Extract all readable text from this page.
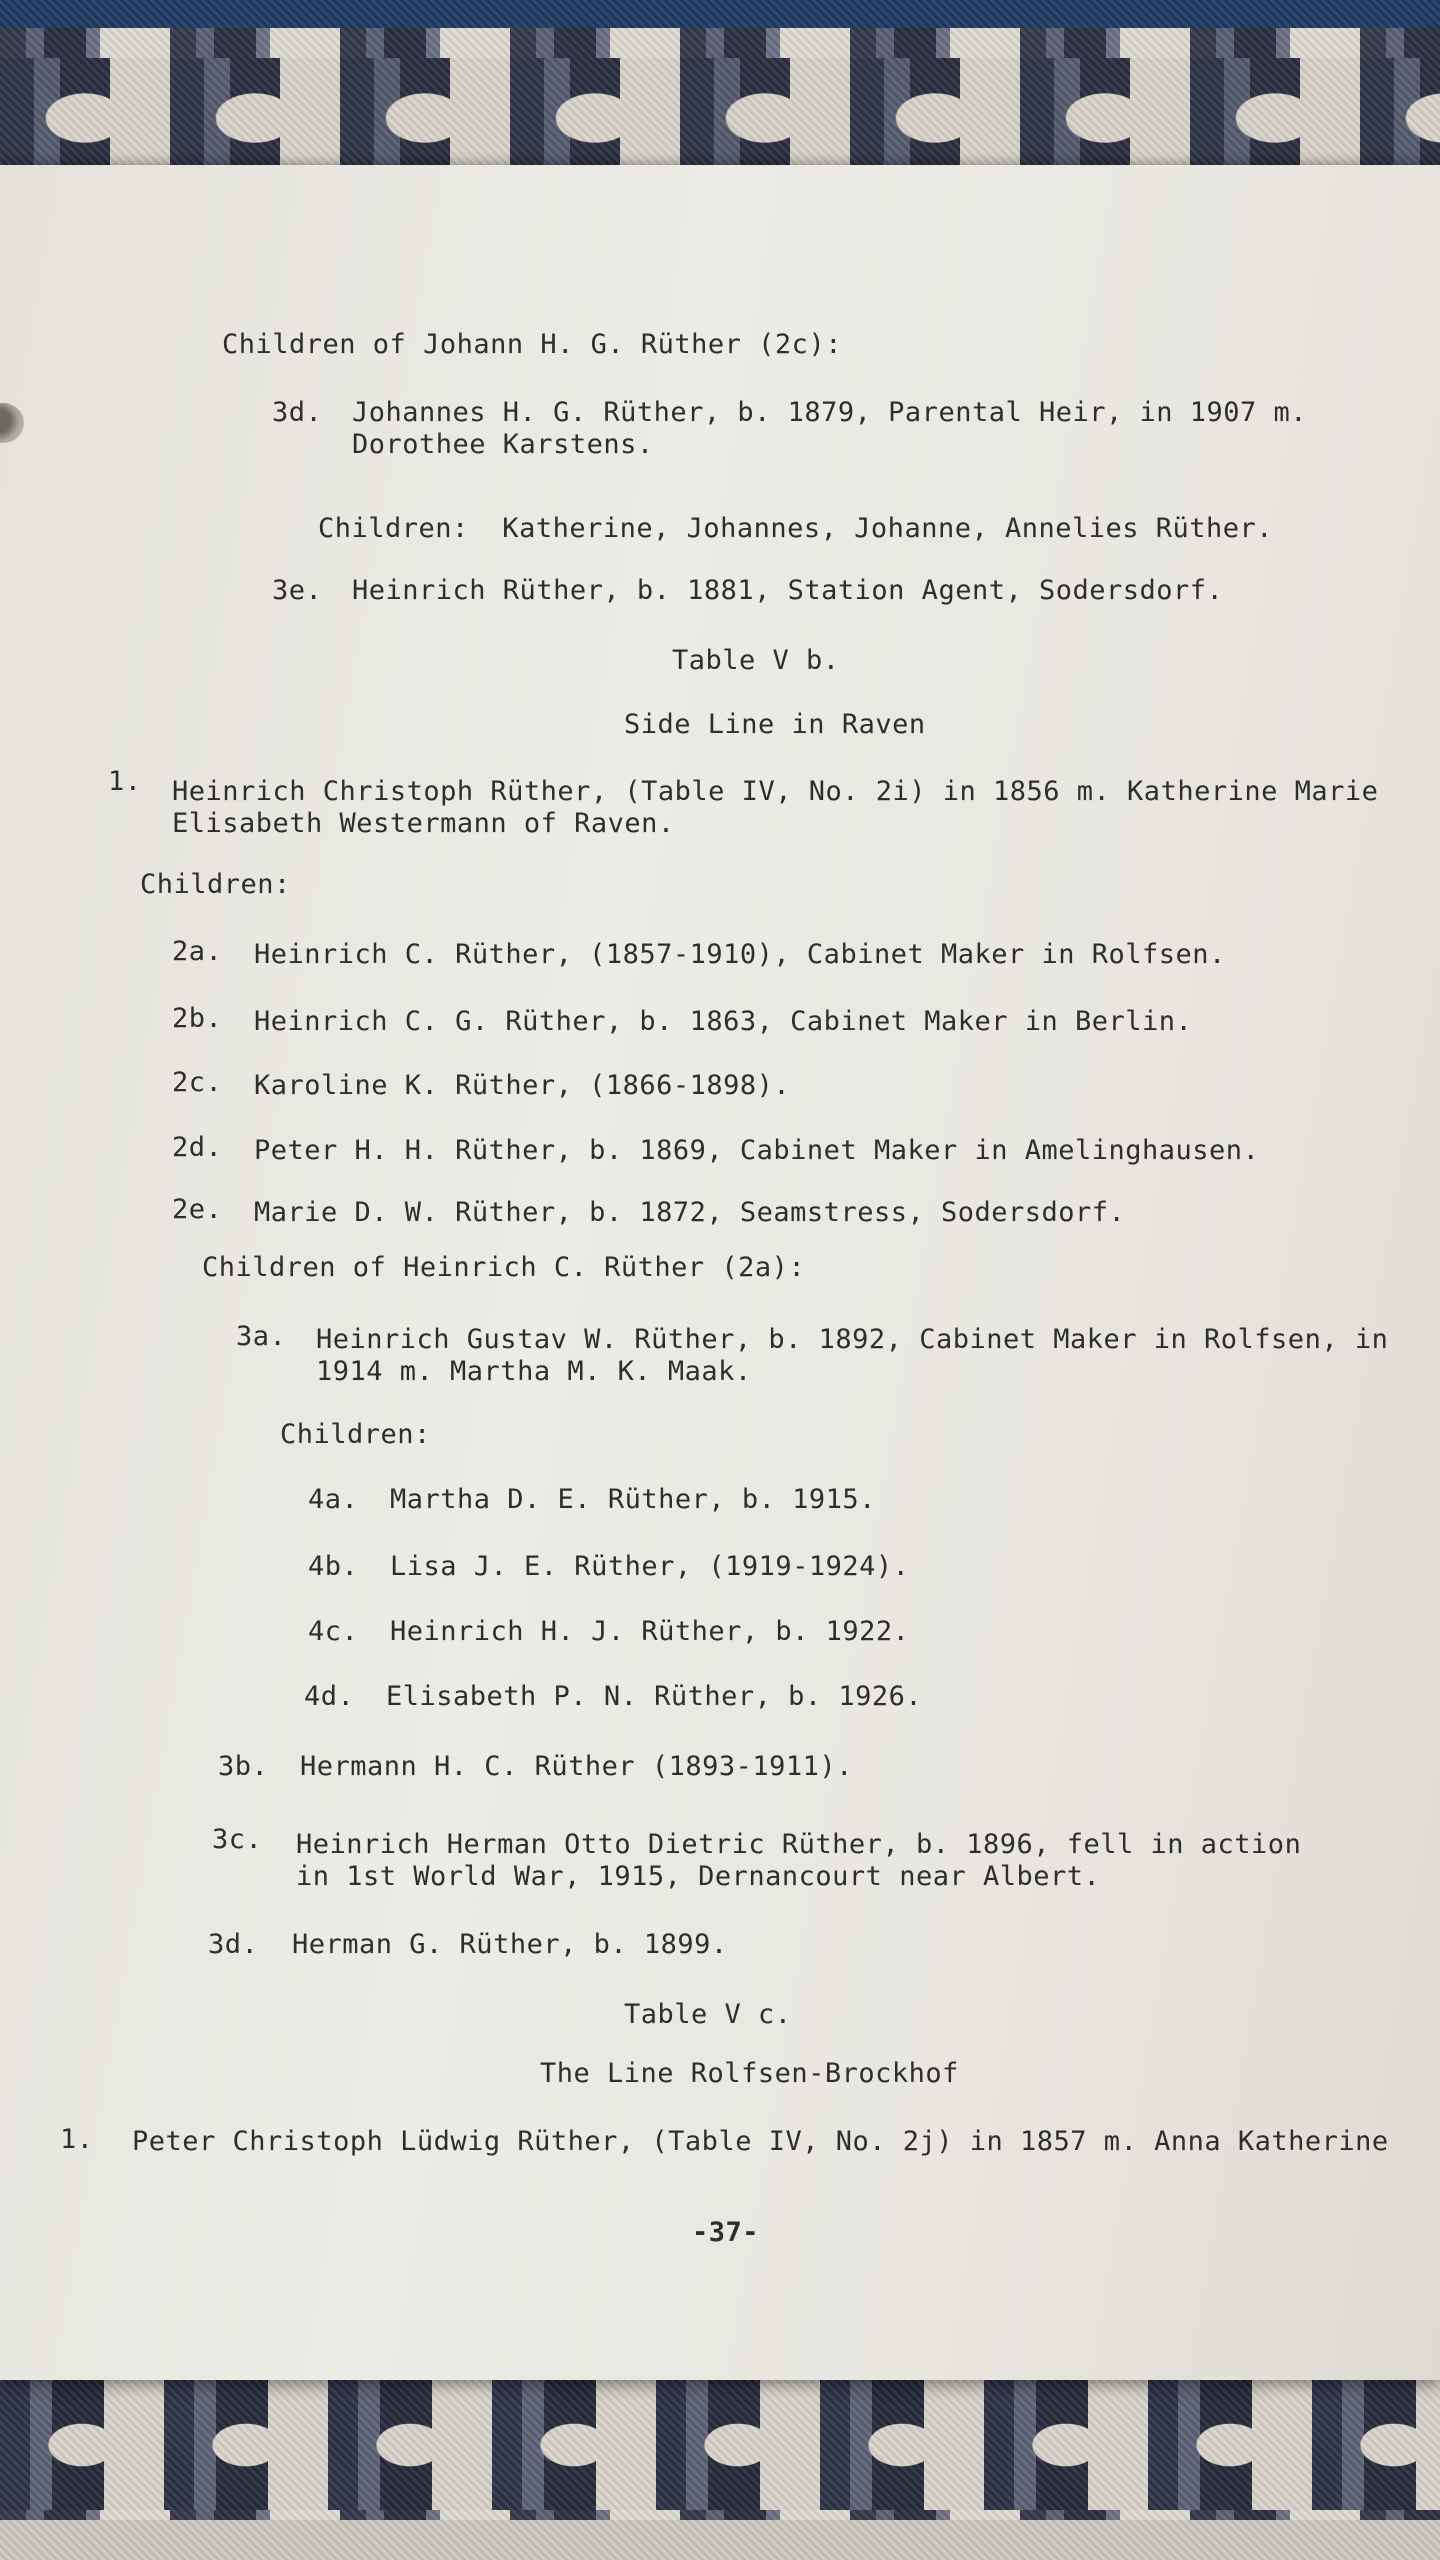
Children of Johann H. G. Rüther (2c):
3d. Johannes H. G. Rüther, b. 1879, Parental Heir, in 1907 m.
Dorothee Karstens.
Children:  Katherine, Johannes, Johanne, Annelies Rüther.
3e. Heinrich Rüther, b. 1881, Station Agent, Sodersdorf.
Table V b.
Side Line in Raven
1. Heinrich Christoph Rüther, (Table IV, No. 2i) in 1856 m. Katherine Marie
Elisabeth Westermann of Raven.
Children:
2a. Heinrich C. Rüther, (1857-1910), Cabinet Maker in Rolfsen.
2b. Heinrich C. G. Rüther, b. 1863, Cabinet Maker in Berlin.
2c. Karoline K. Rüther, (1866-1898).
2d. Peter H. H. Rüther, b. 1869, Cabinet Maker in Amelinghausen.
2e. Marie D. W. Rüther, b. 1872, Seamstress, Sodersdorf.
Children of Heinrich C. Rüther (2a):
3a. Heinrich Gustav W. Rüther, b. 1892, Cabinet Maker in Rolfsen, in
1914 m. Martha M. K. Maak.
Children:
4a. Martha D. E. Rüther, b. 1915.
4b. Lisa J. E. Rüther, (1919-1924).
4c. Heinrich H. J. Rüther, b. 1922.
4d. Elisabeth P. N. Rüther, b. 1926.
3b. Hermann H. C. Rüther (1893-1911).
3c. Heinrich Herman Otto Dietric Rüther, b. 1896, fell in action
in 1st World War, 1915, Dernancourt near Albert.
3d. Herman G. Rüther, b. 1899.
Table V c.
The Line Rolfsen-Brockhof
1. Peter Christoph Lüdwig Rüther, (Table IV, No. 2j) in 1857 m. Anna Katherine
-37-
